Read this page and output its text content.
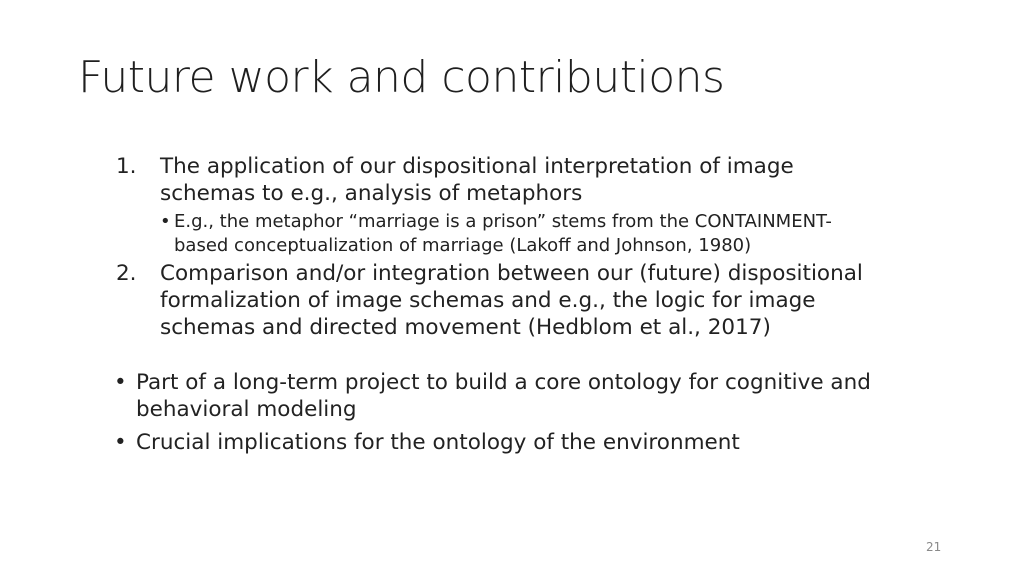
Future work and contributions
1. The application of our dispositional interpretation of image
schemas to e.g., analysis of metaphors
• E.g., the metaphor “marriage is a prison” stems from the CONTAINMENT-
based conceptualization of marriage (Lakoff and Johnson, 1980)
2. Comparison and/or integration between our (future) dispositional
formalization of image schemas and e.g., the logic for image
schemas and directed movement (Hedblom et al., 2017)
• Part of a long-term project to build a core ontology for cognitive and
behavioral modeling
• Crucial implications for the ontology of the environment
21
